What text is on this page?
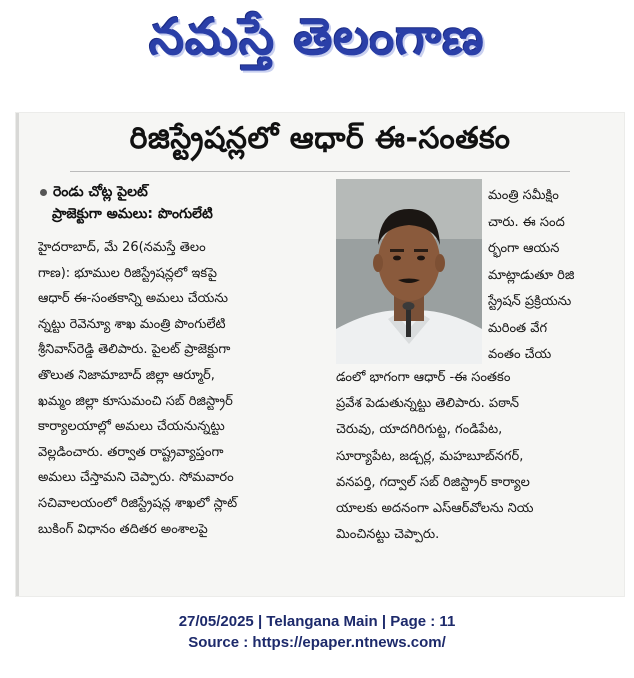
నమస్తే తెలంగాణ
రిజిస్ట్రేషన్లలో ఆధార్ ఈ-సంతకం
రెండు చోట్ల పైలట్
ప్రాజెక్టుగా అమలు: పొంగులేటి

హైదరాబాద్, మే 26(నమస్తే తెలం

గాణ): భూముల రిజిస్ట్రేషన్లలో ఇకపై

ఆధార్ ఈ-సంతకాన్ని అమలు చేయను

న్నట్టు రెవెన్యూ శాఖ మంత్రి పొంగులేటి

శ్రీనివాస్‌రెడ్డి తెలిపారు. పైలట్ ప్రాజెక్టుగా

తొలుత నిజామాబాద్ జిల్లా ఆర్మూర్,

ఖమ్మం జిల్లా కూసుమంచి సబ్ రిజిస్ట్రార్

కార్యాలయాల్లో అమలు చేయనున్నట్టు

వెల్లడించారు. తర్వాత రాష్ట్రవ్యాప్తంగా

అమలు చేస్తామని చెప్పారు. సోమవారం

సచివాలయంలో రిజిస్ట్రేషన్ల శాఖలో స్లాట్

బుకింగ్ విధానం తదితర అంశాలపై

మంత్రి సమీక్షిం

చారు. ఈ సంద

ర్భంగా ఆయన

మాట్లాడుతూ రిజి

స్ట్రేషన్ ప్రక్రియను

మరింత వేగ

వంతం చేయ

డంలో భాగంగా ఆధార్ -ఈ సంతకం

ప్రవేశ పెడుతున్నట్టు తెలిపారు. పఠాన్

చెరువు, యాదగిరిగుట్ట, గండిపేట,

సూర్యాపేట, జడ్చర్ల, మహబూబ్‌నగర్,

వనపర్తి, గద్వాల్ సబ్ రిజిస్ట్రార్ కార్యాల

యాలకు అదనంగా ఎస్‌ఆర్‌వోలను నియ

మించినట్టు చెప్పారు.

27/05/2025 | Telangana Main | Page : 11
Source : https://epaper.ntnews.com/
